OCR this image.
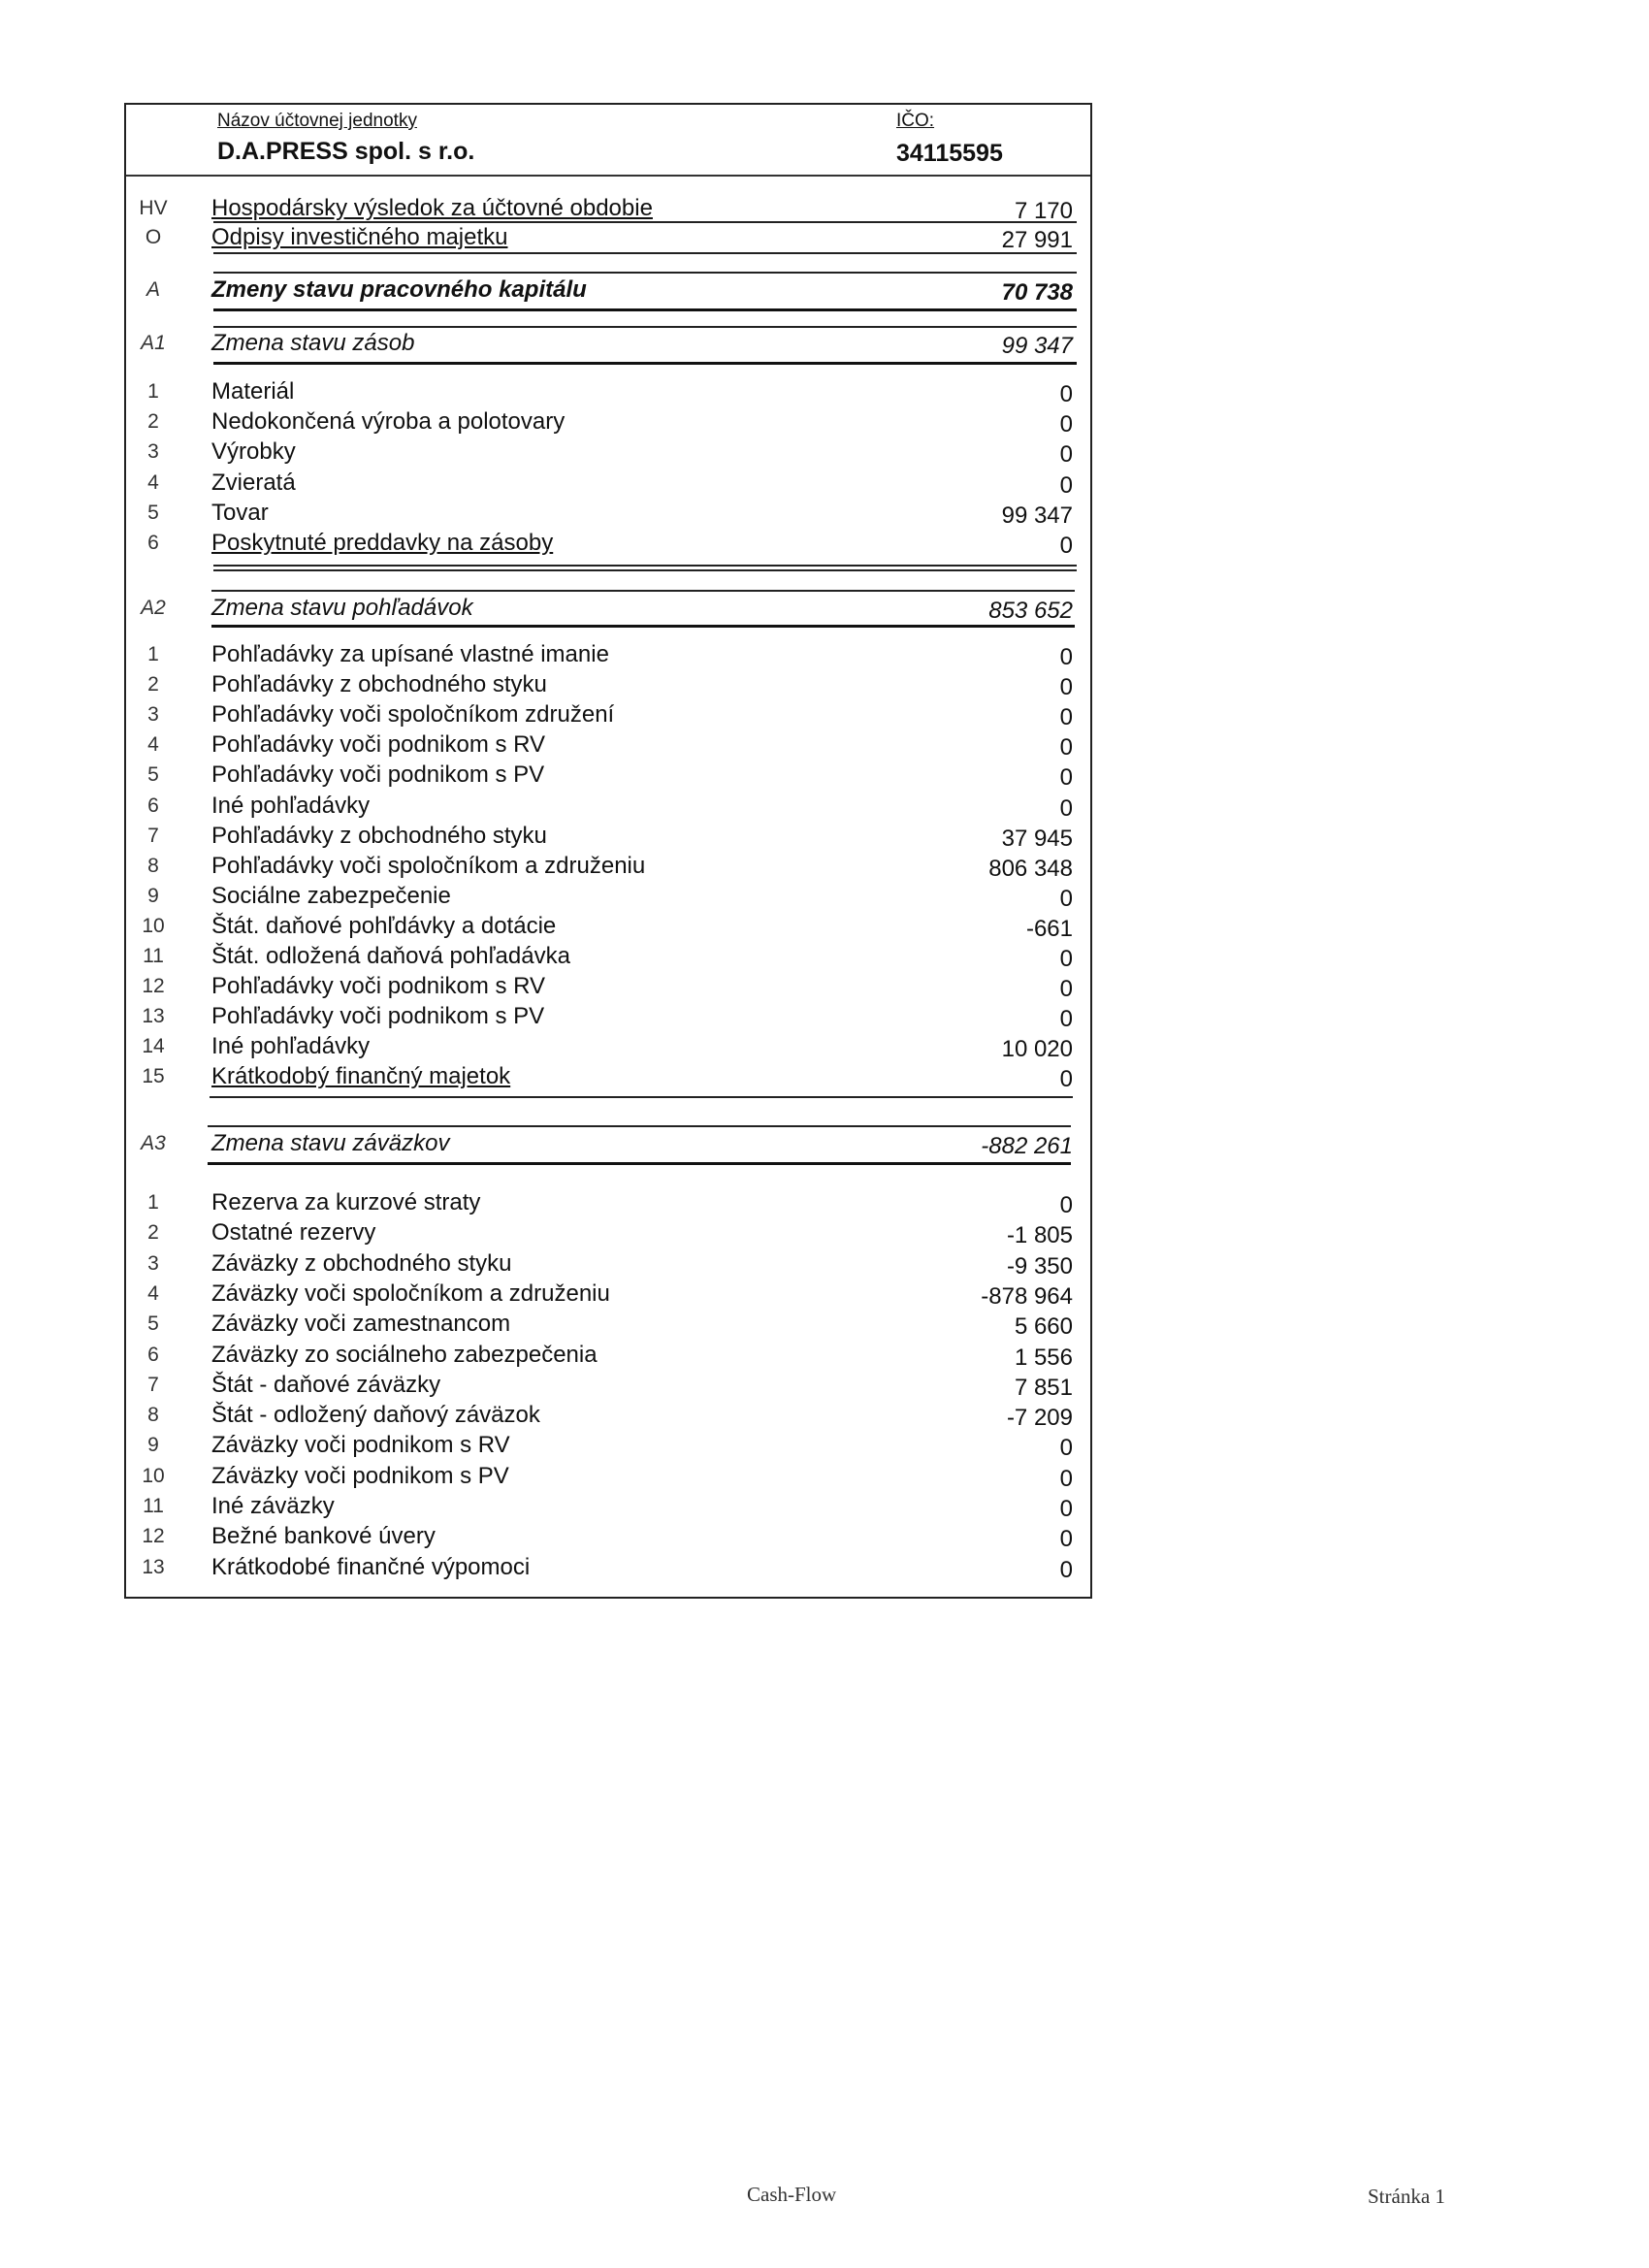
Názov účtovnej jednotky
D.A.PRESS spol. s r.o.
IČO:
34115595
HV	Hospodársky výsledok za účtovné obdobie	7 170
O	Odpisy investičného majetku	27 991
A	Zmeny stavu pracovného kapitálu	70 738
A1	Zmena stavu zásob	99 347
1	Materiál	0
2	Nedokončená výroba a polotovary	0
3	Výrobky	0
4	Zvieratá	0
5	Tovar	99 347
6	Poskytnuté preddavky na zásoby	0
A2	Zmena stavu pohľadávok	853 652
1	Pohľadávky za upísané vlastné imanie	0
2	Pohľadávky z obchodného styku	0
3	Pohľadávky voči spoločníkom združení	0
4	Pohľadávky voči podnikom s RV	0
5	Pohľadávky voči podnikom s PV	0
6	Iné pohľadávky	0
7	Pohľadávky z obchodného styku	37 945
8	Pohľadávky voči spoločníkom a združeniu	806 348
9	Sociálne zabezpečenie	0
10	Štát. daňové pohľdávky a dotácie	-661
11	Štát. odložená daňová pohľadávka	0
12	Pohľadávky voči podnikom s RV	0
13	Pohľadávky voči podnikom s PV	0
14	Iné pohľadávky	10 020
15	Krátkodobý finančný majetok	0
A3	Zmena stavu záväzkov	-882 261
1	Rezerva za kurzové straty	0
2	Ostatné rezervy	-1 805
3	Záväzky z obchodného styku	-9 350
4	Záväzky voči spoločníkom a združeniu	-878 964
5	Záväzky voči zamestnancom	5 660
6	Záväzky zo sociálneho zabezpečenia	1 556
7	Štát - daňové záväzky	7 851
8	Štát - odložený daňový záväzok	-7 209
9	Záväzky voči podnikom s RV	0
10	Záväzky voči podnikom s PV	0
11	Iné záväzky	0
12	Bežné bankové úvery	0
13	Krátkodobé finančné výpomoci	0
Cash-Flow	Stránka 1
